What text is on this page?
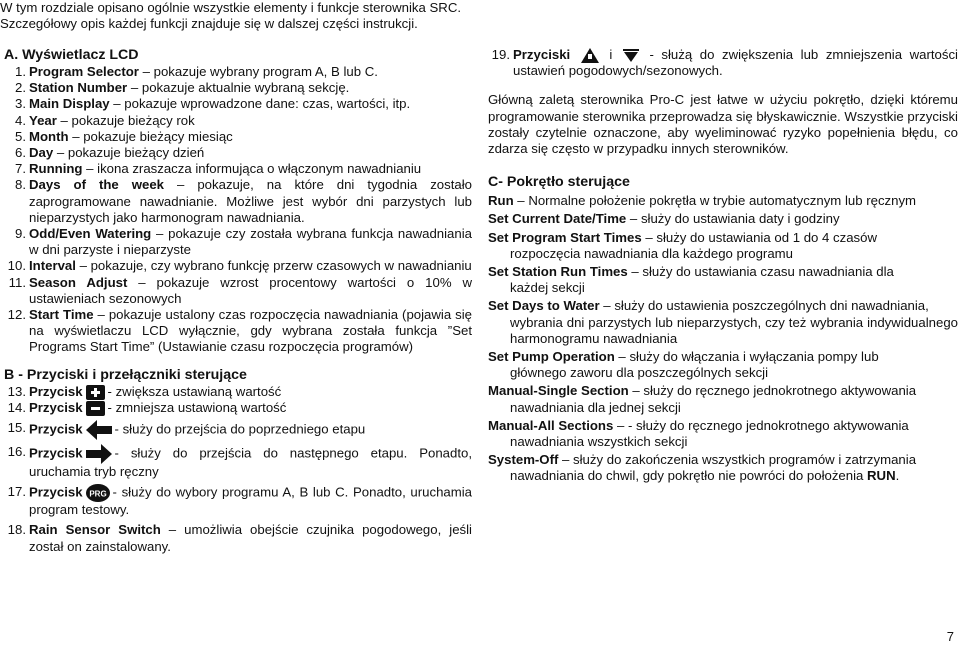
W tym rozdziale opisano ogólnie wszystkie elementy i funkcje sterownika SRC.
Szczegółowy opis każdej funkcji znajduje się w dalszej części instrukcji.
A. Wyświetlacz LCD
1. Program Selector – pokazuje wybrany program A, B lub C.
2. Station Number – pokazuje aktualnie wybraną sekcję.
3. Main Display – pokazuje wprowadzone dane: czas, wartości, itp.
4. Year – pokazuje bieżący rok
5. Month – pokazuje bieżący miesiąc
6. Day – pokazuje bieżący dzień
7. Running – ikona zraszacza informująca o włączonym nawadnianiu
8. Days of the week – pokazuje, na które dni tygodnia zostało zaprogramowane nawadnianie. Możliwe jest wybór dni parzystych lub nieparzystych jako harmonogram nawadniania.
9. Odd/Even Watering – pokazuje czy została wybrana funkcja nawadniania w dni parzyste i nieparzyste
10. Interval – pokazuje, czy wybrano funkcję przerw czasowych w nawadnianiu
11. Season Adjust – pokazuje wzrost procentowy wartości o 10% w ustawieniach sezonowych
12. Start Time – pokazuje ustalony czas rozpoczęcia nawadniania (pojawia się na wyświetlaczu LCD wyłącznie, gdy wybrana została funkcja ”Set Programs Start Time” (Ustawianie czasu rozpoczęcia programów)
B - Przyciski i przełączniki sterujące
13. Przycisk - zwiększa ustawianą wartość
14. Przycisk - zmniejsza ustawioną wartość
15. Przycisk - służy do przejścia do poprzedniego etapu
16. Przycisk - służy do przejścia do następnego etapu. Ponadto, uruchamia tryb ręczny
17. Przycisk PRG - służy do wybory programu A, B lub C. Ponadto, uruchamia program testowy.
18. Rain Sensor Switch – umożliwia obejście czujnika pogodowego, jeśli został on zainstalowany.
19. Przyciski	i	- służą do zwiększenia lub zmniejszenia wartości ustawień pogodowych/sezonowych.
Główną zaletą sterownika Pro-C jest łatwe w użyciu pokrętło, dzięki któremu programowanie sterownika przeprowadza się błyskawicznie. Wszystkie przyciski zostały czytelnie oznaczone, aby wyeliminować ryzyko popełnienia błędu, co zdarza się często w przypadku innych sterowników.
C- Pokrętło sterujące
Run – Normalne położenie pokrętła w trybie automatycznym lub ręcznym
Set Current Date/Time – służy do ustawiania daty i godziny
Set Program Start Times – służy do ustawiania od 1 do 4 czasów
rozpoczęcia nawadniania dla każdego programu
Set Station Run Times – służy do ustawiania czasu nawadniania dla
każdej sekcji
Set Days to Water – służy do ustawienia poszczególnych dni nawadniania,
wybrania dni parzystych lub nieparzystych, czy też wybrania indywidualnego harmonogramu nawadniania
Set Pump Operation – służy do włączania i wyłączania pompy lub
głównego zaworu dla poszczególnych sekcji
Manual-Single Section – służy do ręcznego jednokrotnego aktywowania
nawadniania dla jednej sekcji
Manual-All Sections – - służy do ręcznego jednokrotnego aktywowania
nawadniania wszystkich sekcji
System-Off – służy do zakończenia wszystkich programów i zatrzymania
nawadniania do chwil, gdy pokrętło nie powróci do położenia RUN.
7
